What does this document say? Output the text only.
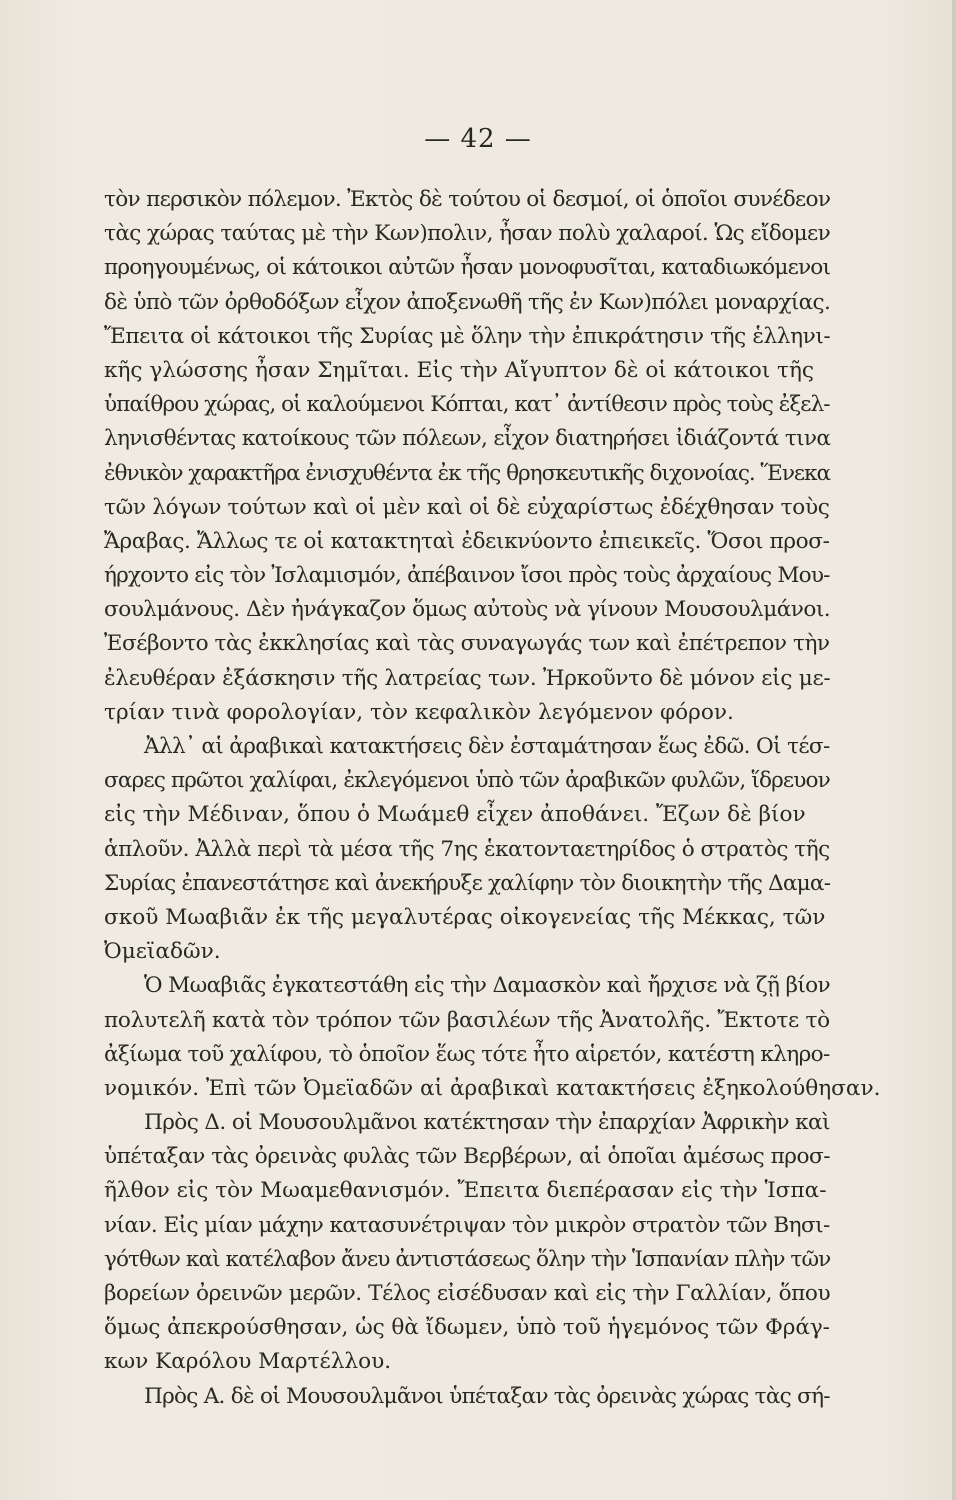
— 42 —
τὸν περσικὸν πόλεμον. Ἐκτὸς δὲ τούτου οἱ δεσμοί, οἱ ὁποῖοι συνέδεον
τὰς χώρας ταύτας μὲ τὴν Κων)πολιν, ἦσαν πολὺ χαλαροί. Ὡς εἴδομεν
προηγουμένως, οἱ κάτοικοι αὐτῶν ἦσαν μονοφυσῖται, καταδιωκόμενοι
δὲ ὑπὸ τῶν ὀρθοδόξων εἶχον ἀποξενωθῆ τῆς ἐν Κων)πόλει μοναρχίας.
Ἔπειτα οἱ κάτοικοι τῆς Συρίας μὲ ὅλην τὴν ἐπικράτησιν τῆς ἑλληνι-
κῆς γλώσσης ἦσαν Σημῖται. Εἰς τὴν Αἴγυπτον δὲ οἱ κάτοικοι τῆς
ὑπαίθρου χώρας, οἱ καλούμενοι Κόπται, κατ᾽ ἀντίθεσιν πρὸς τοὺς ἐξελ-
ληνισθέντας κατοίκους τῶν πόλεων, εἶχον διατηρήσει ἰδιάζοντά τινα
ἐθνικὸν χαρακτῆρα ἐνισχυθέντα ἐκ τῆς θρησκευτικῆς διχονοίας. Ἕνεκα
τῶν λόγων τούτων καὶ οἱ μὲν καὶ οἱ δὲ εὐχαρίστως ἐδέχθησαν τοὺς
Ἄραβας. Ἄλλως τε οἱ κατακτηταὶ ἐδεικνύοντο ἐπιεικεῖς. Ὅσοι προσ-
ήρχοντο εἰς τὸν Ἰσλαμισμόν, ἀπέβαινον ἴσοι πρὸς τοὺς ἀρχαίους Μου-
σουλμάνους. Δὲν ἠνάγκαζον ὅμως αὐτοὺς νὰ γίνουν Μουσουλμάνοι.
Ἐσέβοντο τὰς ἐκκλησίας καὶ τὰς συναγωγάς των καὶ ἐπέτρεπον τὴν
ἐλευθέραν ἐξάσκησιν τῆς λατρείας των. Ἠρκοῦντο δὲ μόνον εἰς με-
τρίαν τινὰ φορολογίαν, τὸν κεφαλικὸν λεγόμενον φόρον.
Ἀλλ᾽ αἱ ἀραβικαὶ κατακτήσεις δὲν ἐσταμάτησαν ἕως ἐδῶ. Οἱ τέσ-
σαρες πρῶτοι χαλίφαι, ἐκλεγόμενοι ὑπὸ τῶν ἀραβικῶν φυλῶν, ἵδρευον
εἰς τὴν Μέδιναν, ὅπου ὁ Μωάμεθ εἶχεν ἀποθάνει. Ἔζων δὲ βίον
ἁπλοῦν. Ἀλλὰ περὶ τὰ μέσα τῆς 7ης ἑκατονταετηρίδος ὁ στρατὸς τῆς
Συρίας ἐπανεστάτησε καὶ ἀνεκήρυξε χαλίφην τὸν διοικητὴν τῆς Δαμα-
σκοῦ Μωαβιᾶν ἐκ τῆς μεγαλυτέρας οἰκογενείας τῆς Μέκκας, τῶν
Ὀμεϊαδῶν.
Ὁ Μωαβιᾶς ἐγκατεστάθη εἰς τὴν Δαμασκὸν καὶ ἤρχισε νὰ ζῇ βίον
πολυτελῆ κατὰ τὸν τρόπον τῶν βασιλέων τῆς Ἀνατολῆς. Ἔκτοτε τὸ
ἀξίωμα τοῦ χαλίφου, τὸ ὁποῖον ἕως τότε ἦτο αἱρετόν, κατέστη κληρο-
νομικόν. Ἐπὶ τῶν Ὀμεϊαδῶν αἱ ἀραβικαὶ κατακτήσεις ἐξηκολούθησαν.
Πρὸς Δ. οἱ Μουσουλμᾶνοι κατέκτησαν τὴν ἐπαρχίαν Ἀφρικὴν καὶ
ὑπέταξαν τὰς ὀρεινὰς φυλὰς τῶν Βερβέρων, αἱ ὁποῖαι ἀμέσως προσ-
ῆλθον εἰς τὸν Μωαμεθανισμόν. Ἔπειτα διεπέρασαν εἰς τὴν Ἱσπα-
νίαν. Εἰς μίαν μάχην κατασυνέτριψαν τὸν μικρὸν στρατὸν τῶν Βησι-
γότθων καὶ κατέλαβον ἄνευ ἀντιστάσεως ὅλην τὴν Ἱσπανίαν πλὴν τῶν
βορείων ὀρεινῶν μερῶν. Τέλος εἰσέδυσαν καὶ εἰς τὴν Γαλλίαν, ὅπου
ὅμως ἀπεκρούσθησαν, ὡς θὰ ἴδωμεν, ὑπὸ τοῦ ἡγεμόνος τῶν Φράγ-
κων Καρόλου Μαρτέλλου.
Πρὸς Α. δὲ οἱ Μουσουλμᾶνοι ὑπέταξαν τὰς ὀρεινὰς χώρας τὰς σή-
